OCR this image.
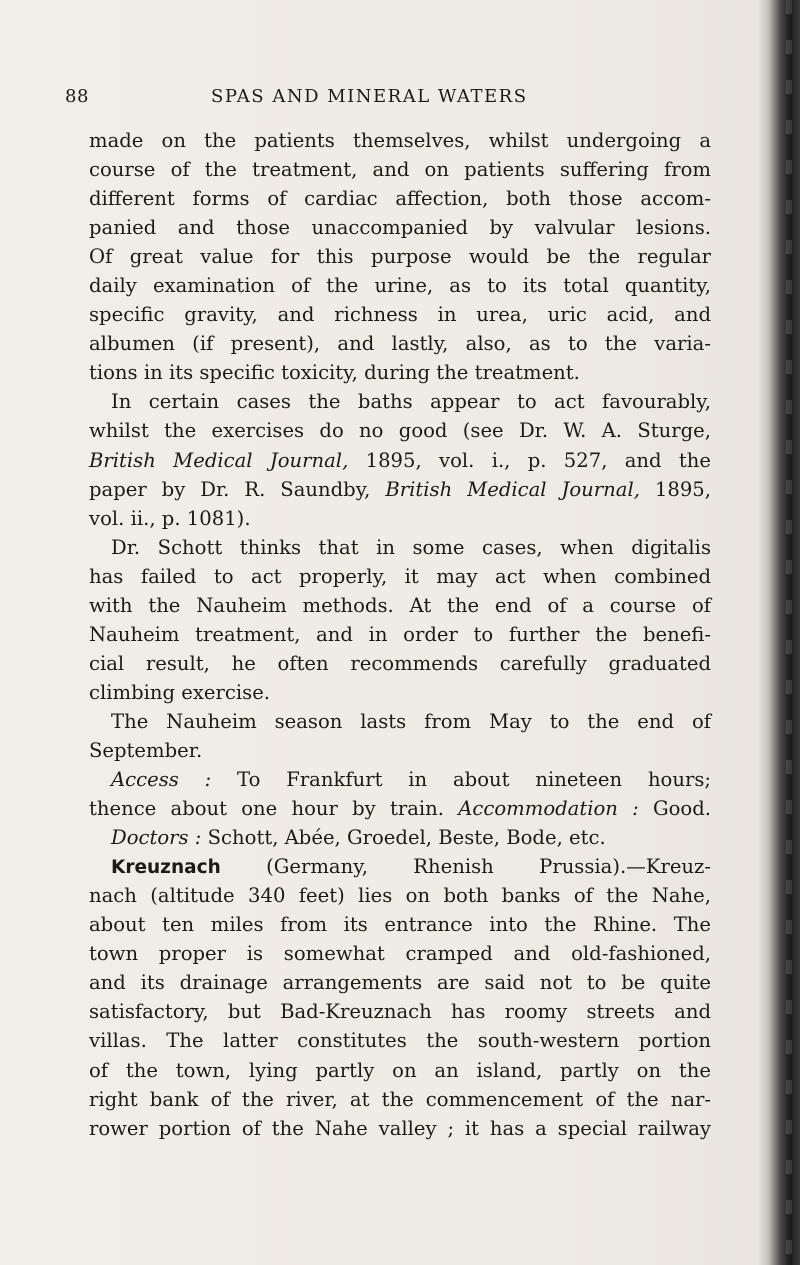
88	SPAS AND MINERAL WATERS
made on the patients themselves, whilst undergoing a
course of the treatment, and on patients suffering from
different forms of cardiac affection, both those accom-
panied and those unaccompanied by valvular lesions.
Of great value for this purpose would be the regular
daily examination of the urine, as to its total quantity,
specific gravity, and richness in urea, uric acid, and
albumen (if present), and lastly, also, as to the varia-
tions in its specific toxicity, during the treatment.
In certain cases the baths appear to act favourably,
whilst the exercises do no good (see Dr. W. A. Sturge,
British Medical Journal, 1895, vol. i., p. 527, and the
paper by Dr. R. Saundby, British Medical Journal, 1895,
vol. ii., p. 1081).
Dr. Schott thinks that in some cases, when digitalis
has failed to act properly, it may act when combined
with the Nauheim methods. At the end of a course of
Nauheim treatment, and in order to further the benefi-
cial result, he often recommends carefully graduated
climbing exercise.
The Nauheim season lasts from May to the end of
September.
Access : To Frankfurt in about nineteen hours;
thence about one hour by train. Accommodation : Good.
Doctors : Schott, Abée, Groedel, Beste, Bode, etc.
Kreuznach (Germany, Rhenish Prussia).—Kreuz-
nach (altitude 340 feet) lies on both banks of the Nahe,
about ten miles from its entrance into the Rhine. The
town proper is somewhat cramped and old-fashioned,
and its drainage arrangements are said not to be quite
satisfactory, but Bad-Kreuznach has roomy streets and
villas. The latter constitutes the south-western portion
of the town, lying partly on an island, partly on the
right bank of the river, at the commencement of the nar-
rower portion of the Nahe valley ; it has a special railway
